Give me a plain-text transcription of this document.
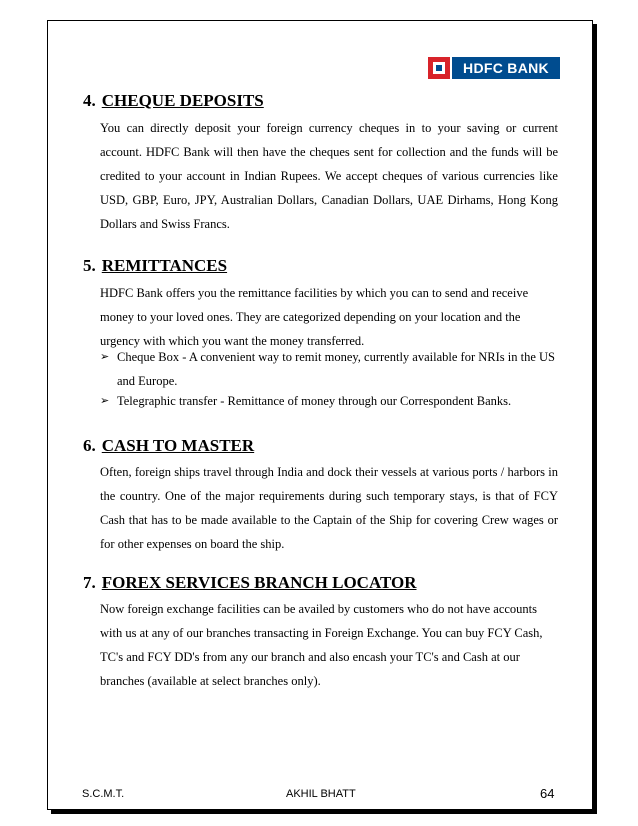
HDFC BANK
4. CHEQUE DEPOSITS

You can directly deposit your foreign currency cheques in to your saving or current account. HDFC Bank will then have the cheques sent for collection and the funds will be credited to your account in Indian Rupees. We accept cheques of various currencies like USD, GBP, Euro, JPY, Australian Dollars, Canadian Dollars, UAE Dirhams, Hong Kong Dollars and Swiss Francs.

5. REMITTANCES

HDFC Bank offers you the remittance facilities by which you can to send and receive money to your loved ones. They are categorized depending on your location and the urgency with which you want the money transferred.

➢ Cheque Box - A convenient way to remit money, currently available for NRIs in the US and Europe.
➢ Telegraphic transfer - Remittance of money through our Correspondent Banks.
6. CASH TO MASTER

Often, foreign ships travel through India and dock their vessels at various ports / harbors in the country. One of the major requirements during such temporary stays, is that of FCY Cash that has to be made available to the Captain of the Ship for covering Crew wages or for other expenses on board the ship.

7. FOREX SERVICES BRANCH LOCATOR

Now foreign exchange facilities can be availed by customers who do not have accounts with us at any of our branches transacting in Foreign Exchange. You can buy FCY Cash, TC's and FCY DD's from any our branch and also encash your TC's and Cash at our branches (available at select branches only).

S.C.M.T.	AKHIL BHATT	64
